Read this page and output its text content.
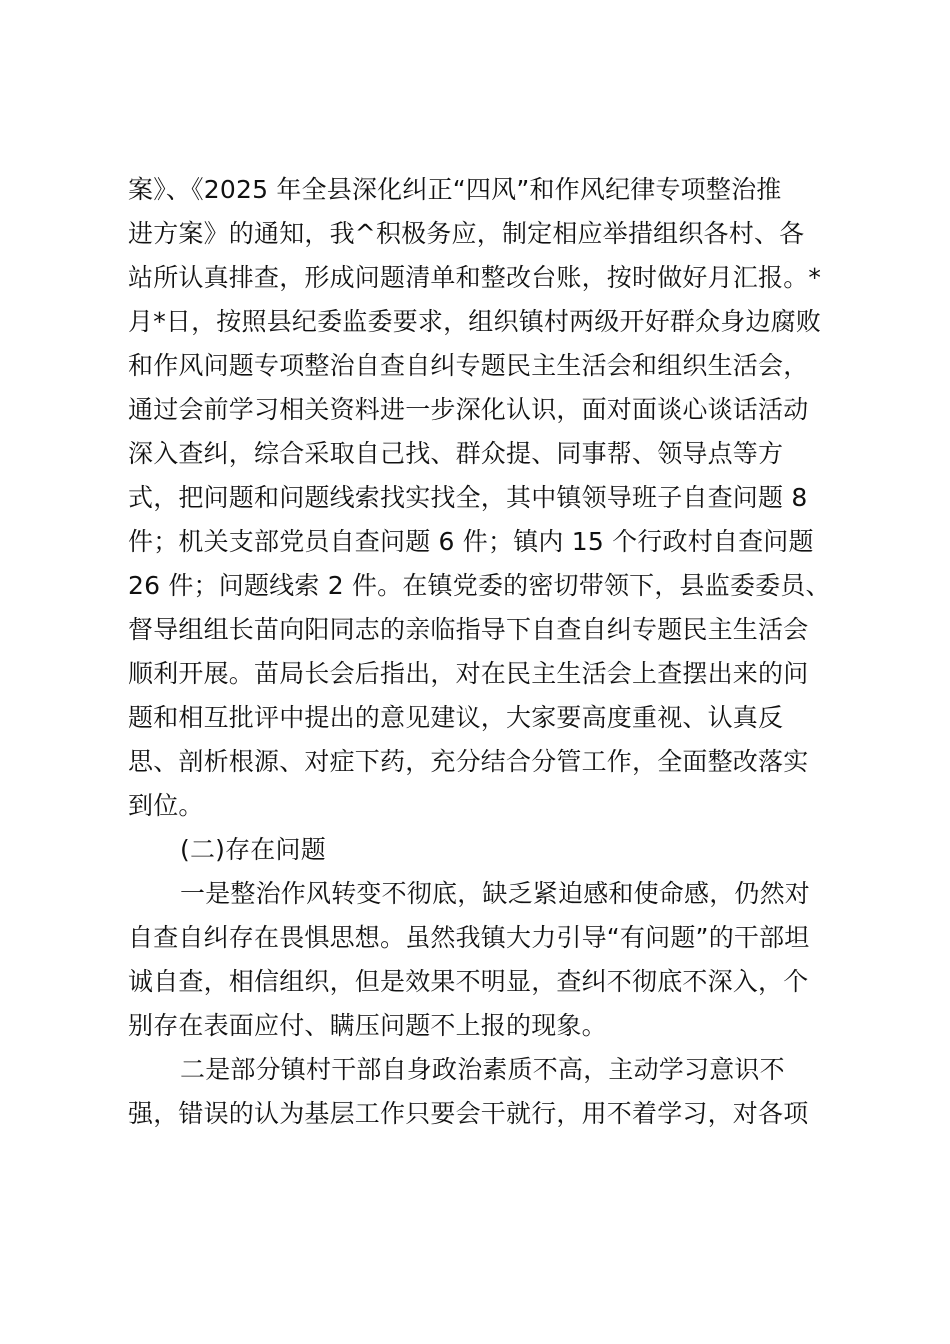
案》、《2025 年全县深化纠正“四风”和作风纪律专项整治推
进方案》的通知，我^积极务应，制定相应举措组织各村、各
站所认真排查，形成问题清单和整改台账，按时做好月汇报。*
月*日，按照县纪委监委要求，组织镇村两级开好群众身边腐败
和作风问题专项整治自查自纠专题民主生活会和组织生活会，
通过会前学习相关资料进一步深化认识，面对面谈心谈话活动
深入查纠，综合采取自己找、群众提、同事帮、领导点等方
式，把问题和问题线索找实找全，其中镇领导班子自查问题 8
件；机关支部党员自查问题 6 件；镇内 15 个行政村自查问题
26 件；问题线索 2 件。在镇党委的密切带领下，县监委委员、
督导组组长苗向阳同志的亲临指导下自查自纠专题民主生活会
顺利开展。苗局长会后指出，对在民主生活会上查摆出来的问
题和相互批评中提出的意见建议，大家要高度重视、认真反
思、剖析根源、对症下药，充分结合分管工作，全面整改落实
到位。
(二)存在问题
一是整治作风转变不彻底，缺乏紧迫感和使命感，仍然对
自查自纠存在畏惧思想。虽然我镇大力引导“有问题”的干部坦
诚自查，相信组织，但是效果不明显，查纠不彻底不深入，个
别存在表面应付、瞒压问题不上报的现象。
二是部分镇村干部自身政治素质不高，主动学习意识不
强，错误的认为基层工作只要会干就行，用不着学习，对各项
